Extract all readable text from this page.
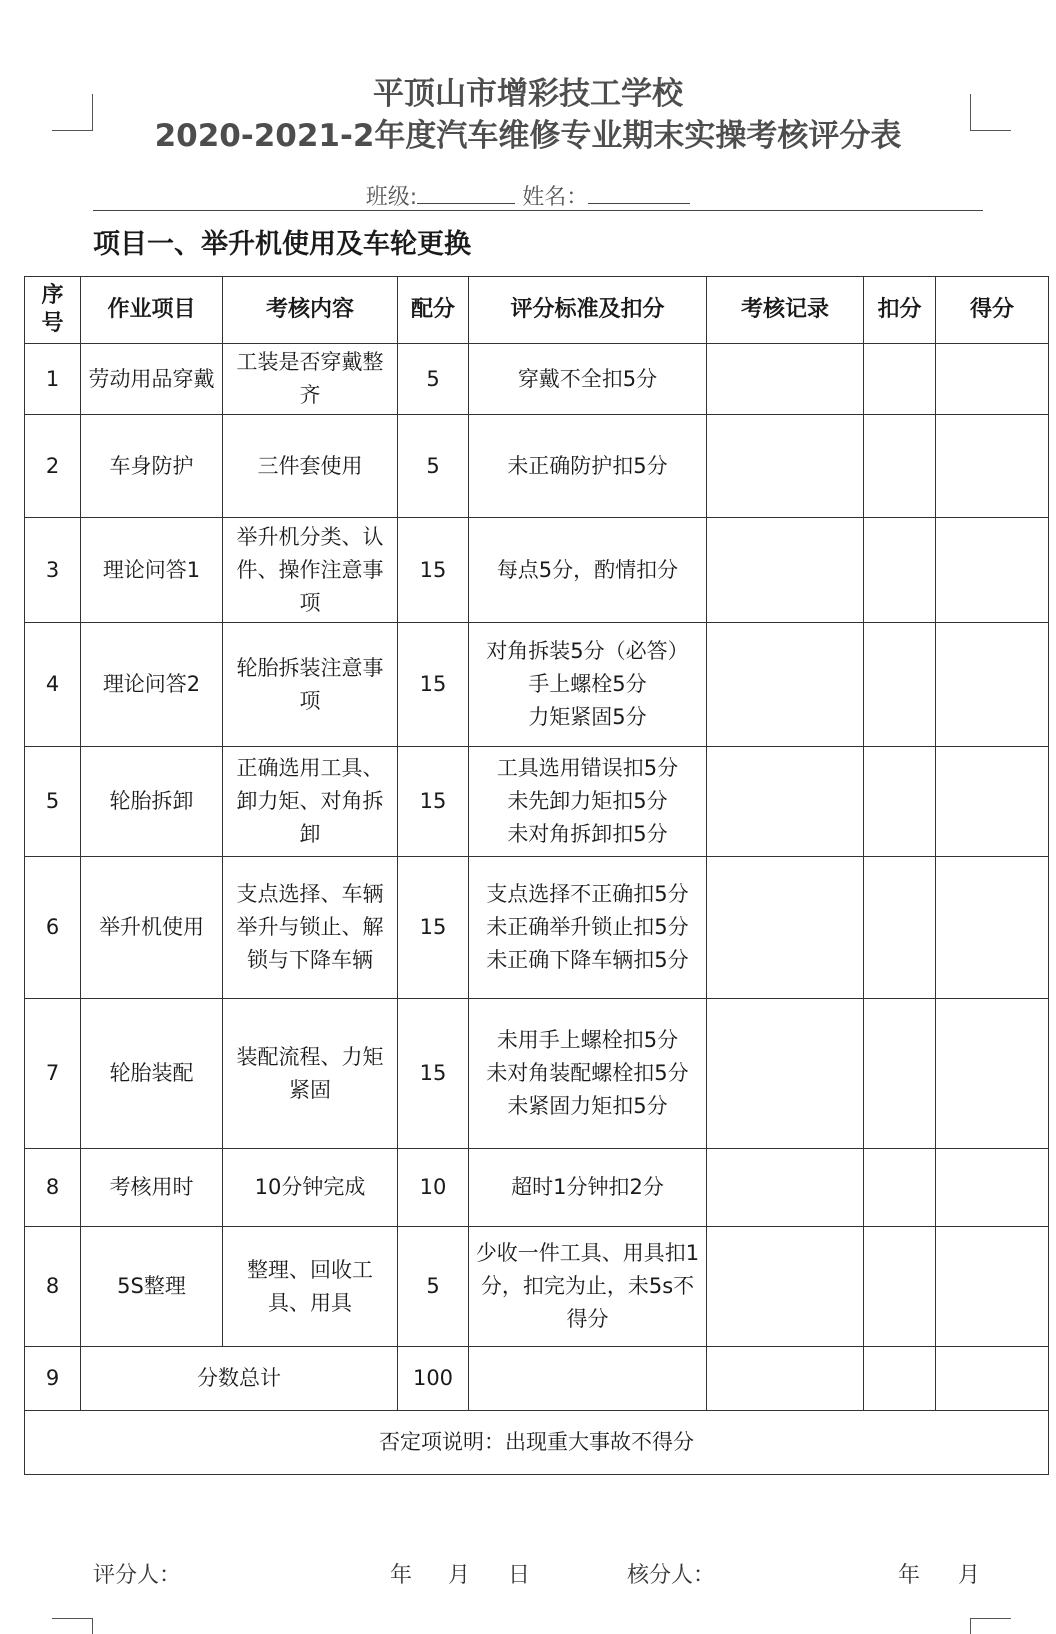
平顶山市增彩技工学校
2020-2021-2年度汽车维修专业期末实操考核评分表
班级:	姓名：
项目一、举升机使用及车轮更换
序号	作业项目	考核内容	配分	评分标准及扣分	考核记录	扣分	得分
1	劳动用品穿戴	工装是否穿戴整齐	5	穿戴不全扣5分			

2	车身防护	三件套使用	5	未正确防护扣5分			

3	理论问答1	举升机分类、认件、操作注意事项	15	每点5分，酌情扣分			

4	理论问答2	轮胎拆装注意事项	15	对角拆装5分（必答）
手上螺栓5分
力矩紧固5分			

5	轮胎拆卸	正确选用工具、卸力矩、对角拆卸	15	工具选用错误扣5分
未先卸力矩扣5分
未对角拆卸扣5分			

6	举升机使用	支点选择、车辆举升与锁止、解锁与下降车辆	15	支点选择不正确扣5分
未正确举升锁止扣5分
未正确下降车辆扣5分			

7	轮胎装配	装配流程、力矩紧固	15	未用手上螺栓扣5分
未对角装配螺栓扣5分
未紧固力矩扣5分			

8	考核用时	10分钟完成	10	超时1分钟扣2分			

8	5S整理	整理、回收工具、用具	5	少收一件工具、用具扣1分，扣完为止，未5s不得分			

9	分数总计		100				
否定项说明：出现重大事故不得分							
评分人：	年 月 日	核分人：	年 月
